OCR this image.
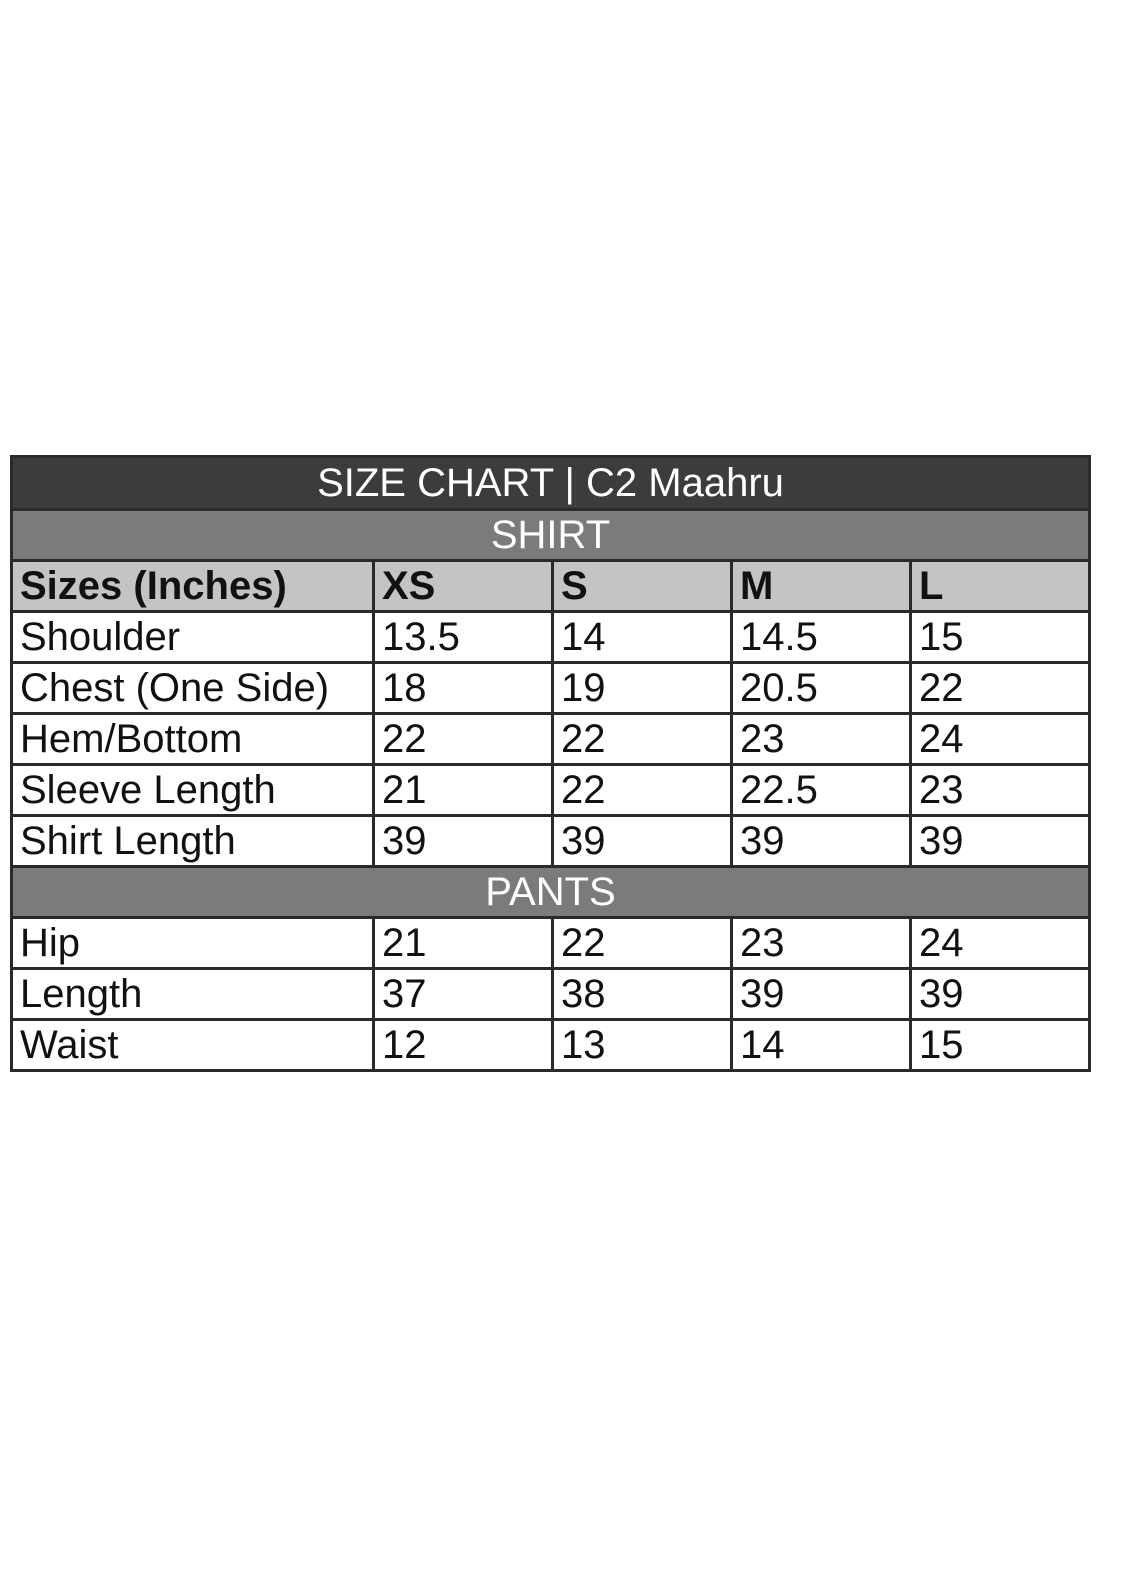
SIZE CHART | C2 Maahru				
SHIRT				
Sizes (Inches)	XS	S	M	L
Shoulder	13.5	14	14.5	15
Chest (One Side)	18	19	20.5	22
Hem/Bottom	22	22	23	24
Sleeve Length	21	22	22.5	23
Shirt Length	39	39	39	39
PANTS				
Hip	21	22	23	24
Length	37	38	39	39
Waist	12	13	14	15
